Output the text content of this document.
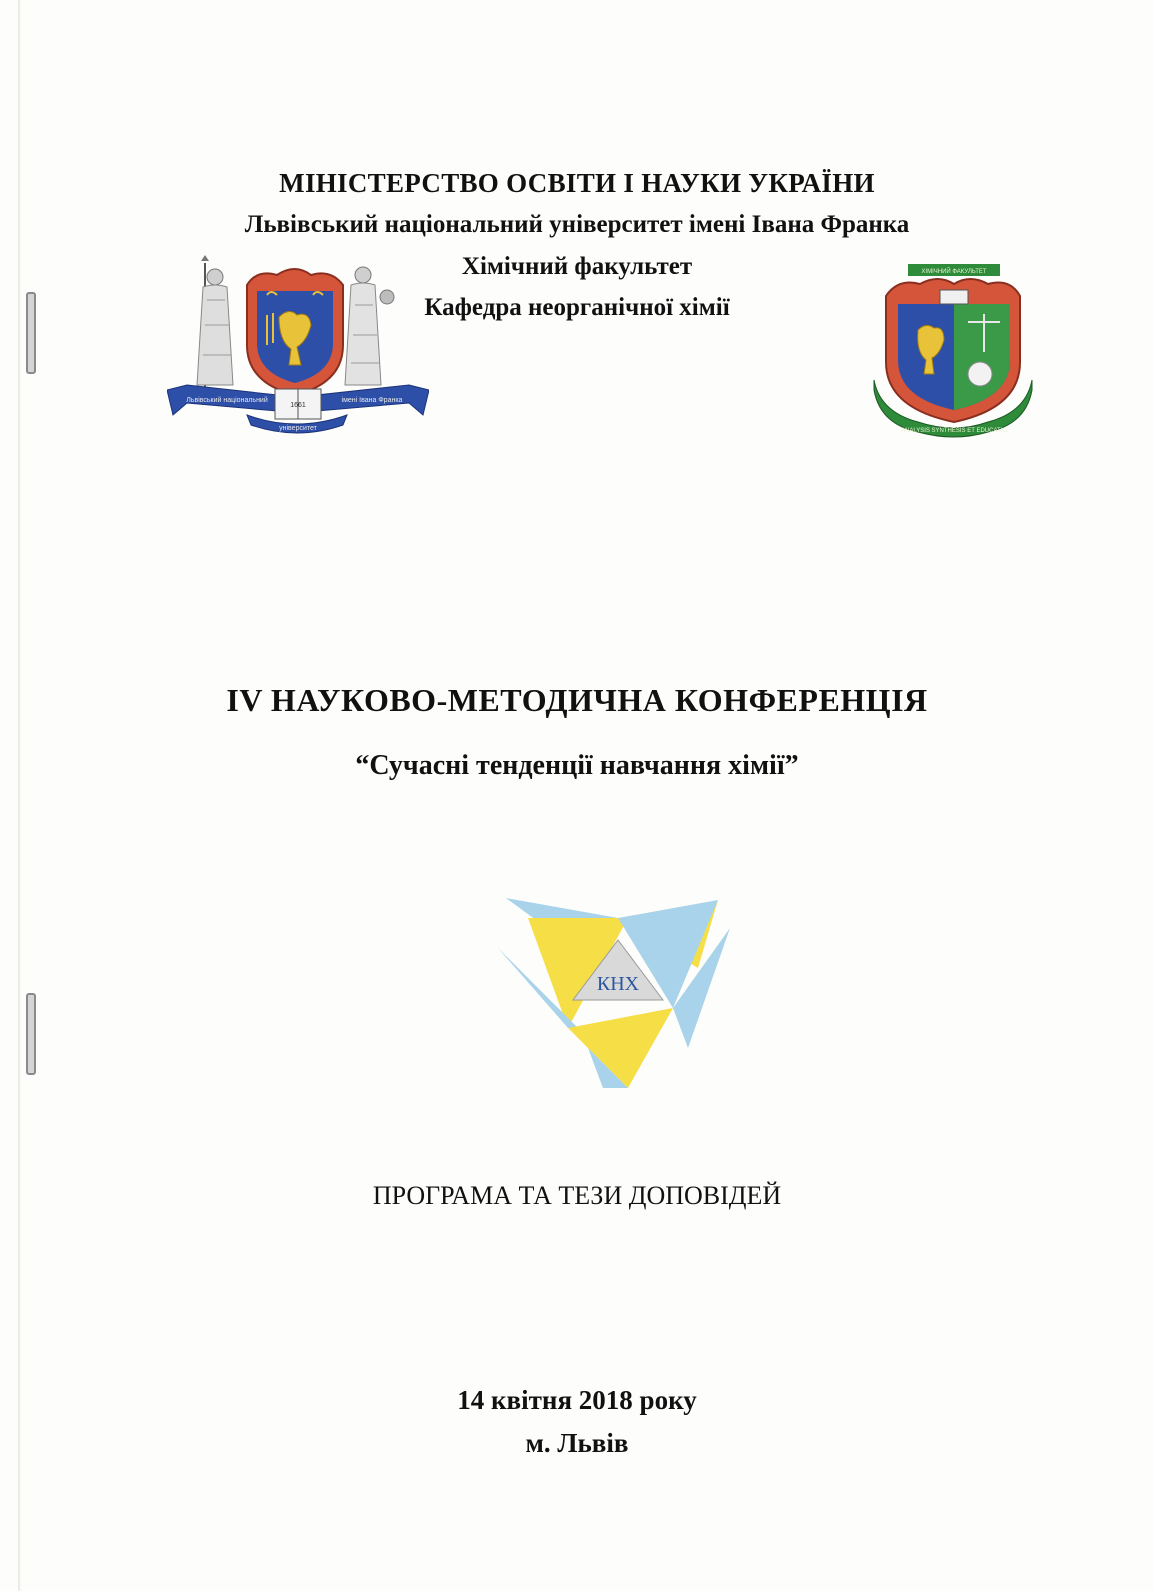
МІНІСТЕРСТВО ОСВІТИ І НАУКИ УКРАЇНИ
Львівський національний університет імені Івана Франка
Хімічний факультет
Кафедра неорганічної хімії
Львівський національний	імені Івана Франка
університет
1661
ХІМІЧНИЙ ФАКУЛЬТЕТ
ANALYSIS SYNTHESIS ET EDUCATIO
IV НАУКОВО-МЕТОДИЧНА КОНФЕРЕНЦІЯ
“Сучасні тенденції навчання хімії”
КНХ
ПРОГРАМА ТА ТЕЗИ ДОПОВІДЕЙ
14 квітня 2018 року
м. Львів
